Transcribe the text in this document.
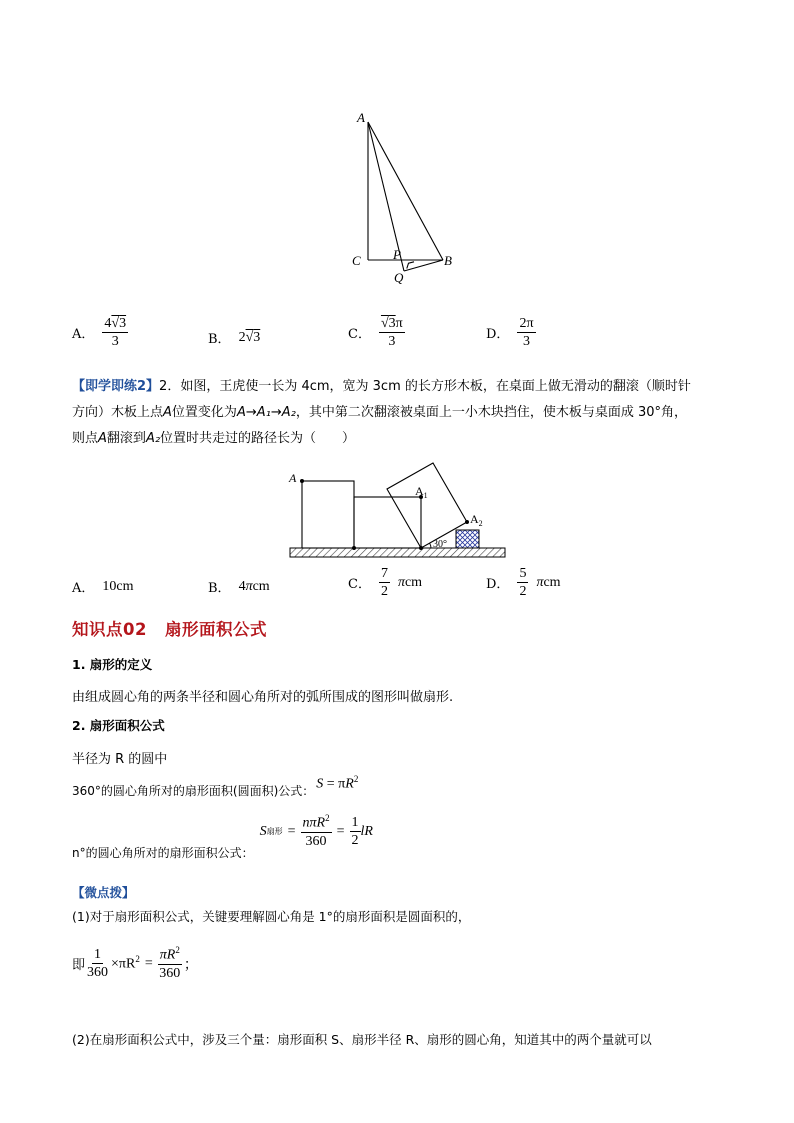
A
C P
Q
B
A． $\frac{4√3}{3}$	B． 2√3	C． $\frac{√3\pi}{3}$	D． $\frac{2\pi}{3}$
【即学即练2】2．如图，王虎使一长为 4cm，宽为 3cm 的长方形木板，在桌面上做无滑动的翻滚（顺时针
方向）木板上点A位置变化为A→A₁→A₂，其中第二次翻滚被桌面上一小木块挡住，使木板与桌面成 30°角，
则点A翻滚到A₂位置时共走过的路径长为（　　）
A
$A_1$
$A_2$
30°
A． 10cm	B． 4πcm	C． $\frac{7}{2}$ πcm	D． $\frac{5}{2}$ πcm
知识点02 扇形面积公式
1. 扇形的定义
由组成圆心角的两条半径和圆心角所对的弧所围成的图形叫做扇形.
2. 扇形面积公式
半径为 R 的圆中
360°的圆心角所对的扇形面积(圆面积)公式： $S = \pi R^2$
n°的圆心角所对的扇形面积公式：
S 扇形 = $\frac{n\pi R^2}{360} = \frac{1}{2}$ lR
【微点拨】
(1)对于扇形面积公式，关键要理解圆心角是 1°的扇形面积是圆面积的，
即 $\frac{1}{360} \times\pi R^2 = \frac{\pi R^2}{360}$ ；
(2)在扇形面积公式中，涉及三个量：扇形面积 S、扇形半径 R、扇形的圆心角，知道其中的两个量就可以
